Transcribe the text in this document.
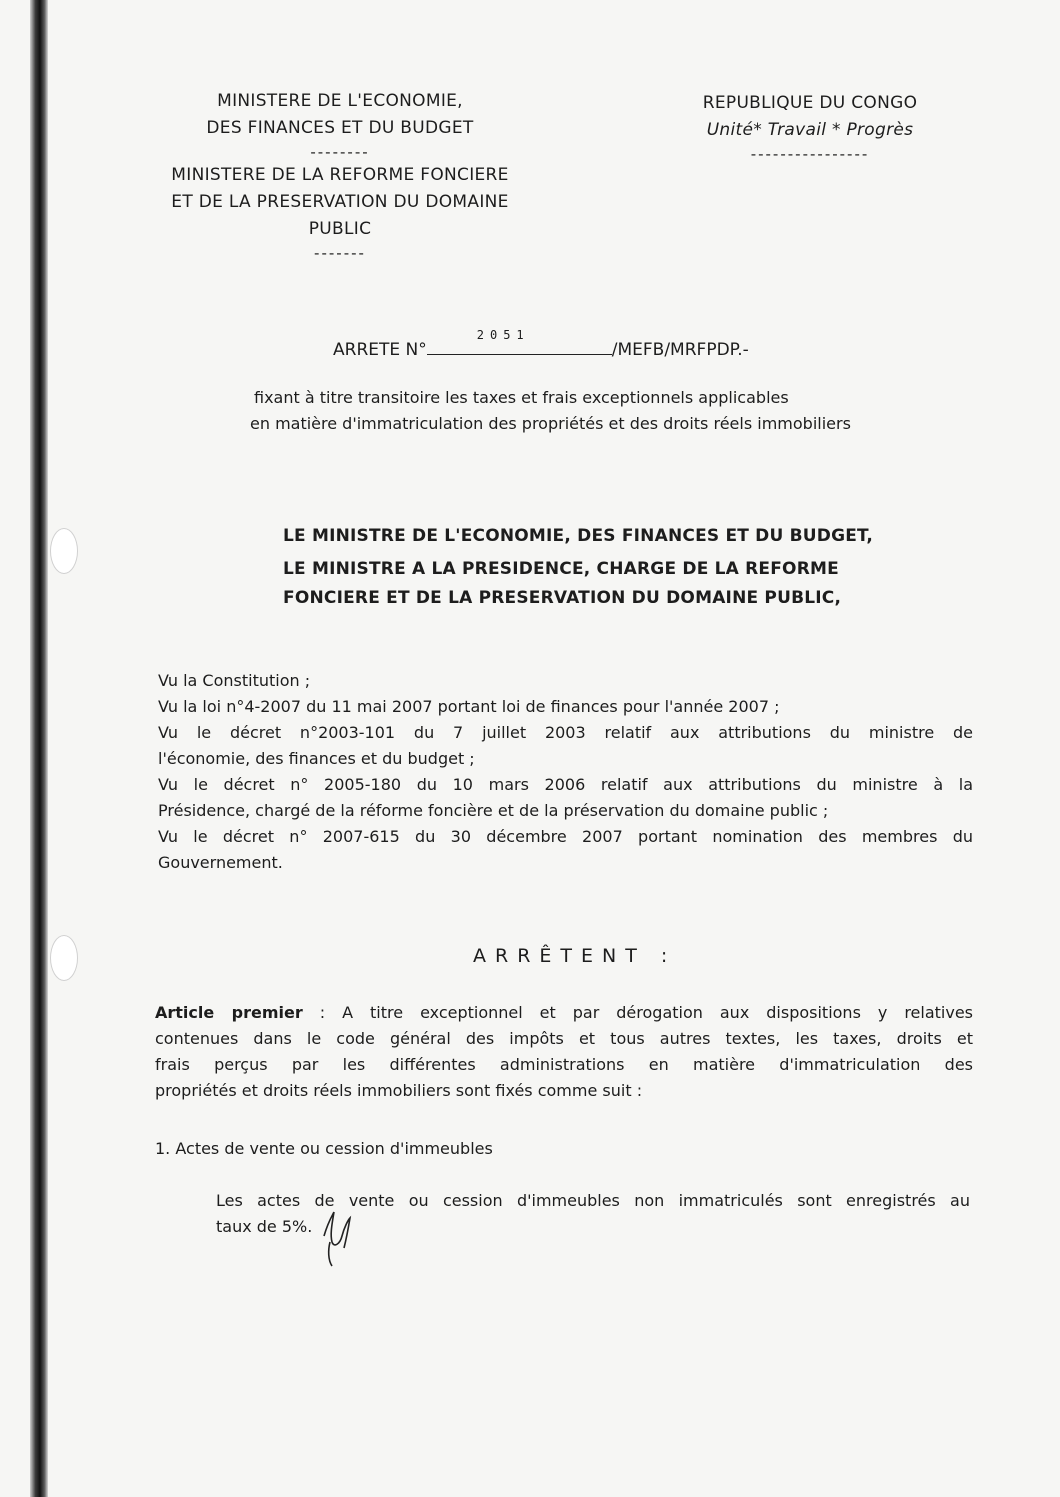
MINISTERE DE L'ECONOMIE,
DES FINANCES ET DU BUDGET
--------
MINISTERE DE LA REFORME FONCIERE
ET DE LA PRESERVATION DU DOMAINE
PUBLIC
-------
REPUBLIQUE DU CONGO
Unité* Travail * Progrès
----------------
ARRETE N°
2051
/MEFB/MRFPDP.-
fixant à titre transitoire les taxes et frais exceptionnels applicables
en matière d'immatriculation des propriétés et des droits réels immobiliers
LE MINISTRE DE L'ECONOMIE, DES FINANCES ET DU BUDGET,
LE MINISTRE A LA PRESIDENCE, CHARGE DE LA REFORME
FONCIERE ET DE LA PRESERVATION DU DOMAINE PUBLIC,
Vu la Constitution ;
Vu la loi n°4-2007 du 11 mai 2007 portant loi de finances pour l'année 2007 ;
Vu le décret n°2003-101 du 7 juillet 2003 relatif aux attributions du ministre de
l'économie, des finances et du budget ;
Vu le décret n° 2005-180 du 10 mars 2006 relatif aux attributions du ministre à la
Présidence, chargé de la réforme foncière et de la préservation du domaine public ;
Vu le décret n° 2007-615 du 30 décembre 2007 portant nomination des membres du
Gouvernement.
ARRÊTENT :
Article premier : A titre exceptionnel et par dérogation aux dispositions y relatives
contenues dans le code général des impôts et tous autres textes, les taxes, droits et
frais perçus par les différentes administrations en matière d'immatriculation des
propriétés et droits réels immobiliers sont fixés comme suit :
1. Actes de vente ou cession d'immeubles
Les actes de vente ou cession d'immeubles non immatriculés sont enregistrés au
taux de 5%.
